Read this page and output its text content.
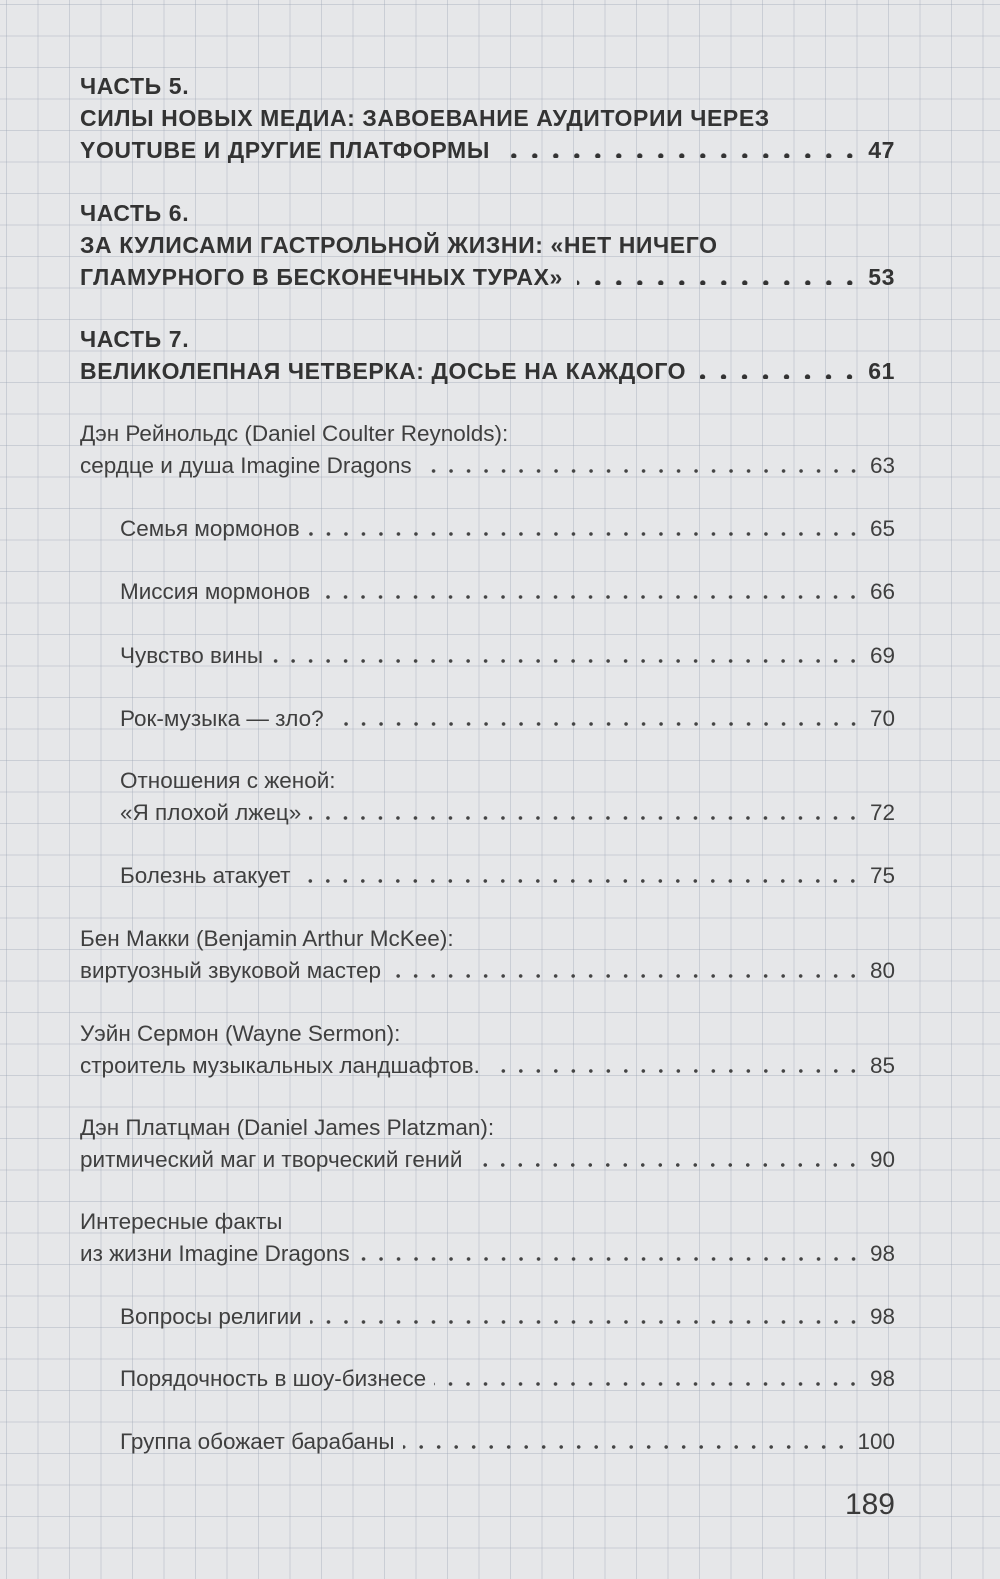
ЧАСТЬ 5.
СИЛЫ НОВЫХ МЕДИА: ЗАВОЕВАНИЕ АУДИТОРИИ ЧЕРЕЗ
YOUTUBE И ДРУГИЕ ПЛАТФОРМЫ	47
ЧАСТЬ 6.
ЗА КУЛИСАМИ ГАСТРОЛЬНОЙ ЖИЗНИ: «НЕТ НИЧЕГО
ГЛАМУРНОГО В БЕСКОНЕЧНЫХ ТУРАХ»	53
ЧАСТЬ 7.
ВЕЛИКОЛЕПНАЯ ЧЕТВЕРКА: ДОСЬЕ НА КАЖДОГО	61
Дэн Рейнольдс (Daniel Coulter Reynolds):
сердце и душа Imagine Dragons	63
Семья мормонов	65
Миссия мормонов	66
Чувство вины	69
Рок-музыка — зло?	70
Отношения с женой:
«Я плохой лжец»	72
Болезнь атакует	75
Бен Макки (Benjamin Arthur McKee):
виртуозный звуковой мастер	80
Уэйн Сермон (Wayne Sermon):
строитель музыкальных ландшафтов.	85
Дэн Платцман (Daniel James Platzman):
ритмический маг и творческий гений	90
Интересные факты
из жизни Imagine Dragons	98
Вопросы религии	98
Порядочность в шоу-бизнесе	98
Группа обожает барабаны	100
189
